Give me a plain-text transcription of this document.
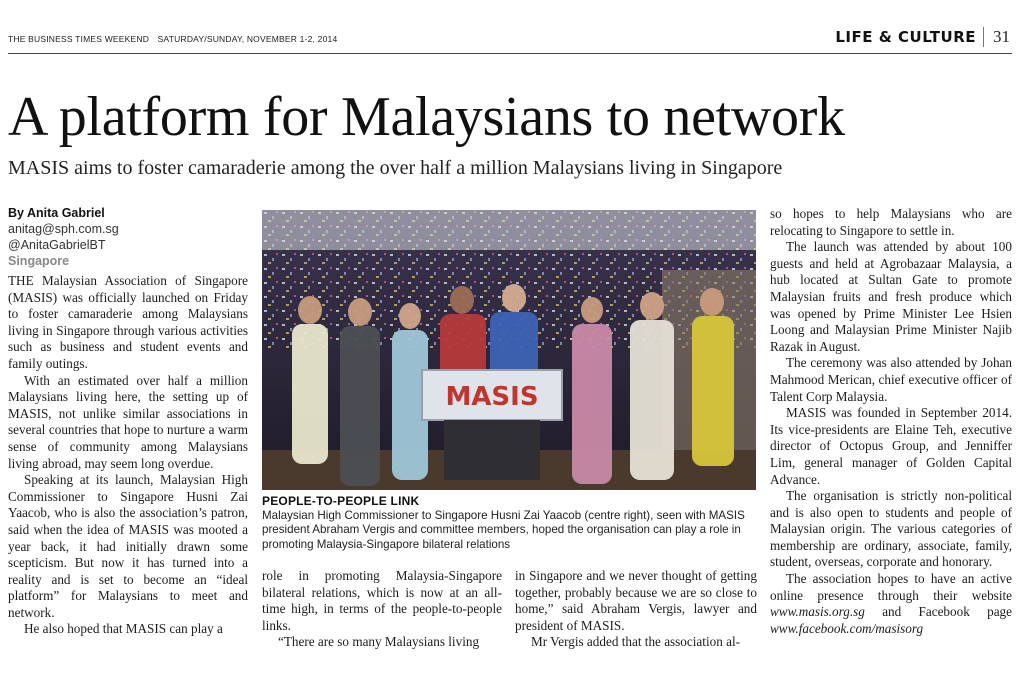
THE BUSINESS TIMES WEEKEND SATURDAY/SUNDAY, NOVEMBER 1-2, 2014	LIFE & CULTURE 31
A platform for Malaysians to network
MASIS aims to foster camaraderie among the over half a million Malaysians living in Singapore
By Anita Gabriel
anitag@sph.com.sg
@AnitaGabrielBT
Singapore

THE Malaysian Association of Singapore (MASIS) was officially launched on Friday to foster camaraderie among Malaysians living in Singapore through various activities such as business and student events and family outings.

With an estimated over half a million Malaysians living here, the setting up of MASIS, not unlike similar associations in several countries that hope to nurture a warm sense of community among Malaysians living abroad, may seem long overdue.

Speaking at its launch, Malaysian High Commissioner to Singapore Husni Zai Yaacob, who is also the association’s patron, said when the idea of MASIS was mooted a year back, it had initially drawn some scepticism. But now it has turned into a reality and is set to become an “ideal platform” for Malaysians to meet and network.

He also hoped that MASIS can play a

MASIS
PEOPLE-TO-PEOPLE LINK
Malaysian High Commissioner to Singapore Husni Zai Yaacob (centre right), seen with MASIS president Abraham Vergis and committee members, hoped the organisation can play a role in promoting Malaysia-Singapore bilateral relations

role in promoting Malaysia-Singapore bilateral relations, which is now at an all-time high, in terms of the people-to-people links.

“There are so many Malaysians living

in Singapore and we never thought of getting together, probably because we are so close to home,” said Abraham Vergis, lawyer and president of MASIS.

Mr Vergis added that the association al-

so hopes to help Malaysians who are relocating to Singapore to settle in.

The launch was attended by about 100 guests and held at Agrobazaar Malaysia, a hub located at Sultan Gate to promote Malaysian fruits and fresh produce which was opened by Prime Minister Lee Hsien Loong and Malaysian Prime Minister Najib Razak in August.

The ceremony was also attended by Johan Mahmood Merican, chief executive officer of Talent Corp Malaysia.

MASIS was founded in September 2014. Its vice-presidents are Elaine Teh, executive director of Octopus Group, and Jenniffer Lim, general manager of Golden Capital Advance.

The organisation is strictly non-political and is also open to students and people of Malaysian origin. The various categories of membership are ordinary, associate, family, student, overseas, corporate and honorary.

The association hopes to have an active online presence through their website www.masis.org.sg and Facebook page www.facebook.com/masisorg
